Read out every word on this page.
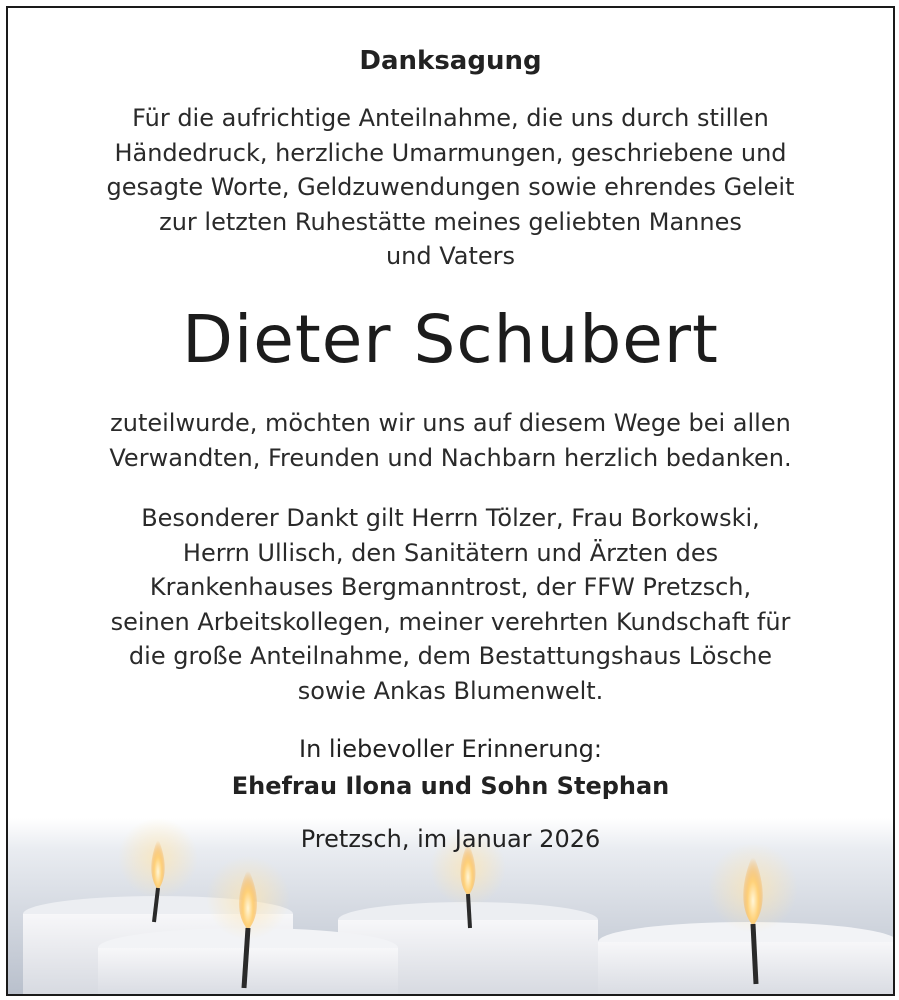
Danksagung
Für die aufrichtige Anteilnahme, die uns durch stillen
Händedruck, herzliche Umarmungen, geschriebene und
gesagte Worte, Geldzuwendungen sowie ehrendes Geleit
zur letzten Ruhestätte meines geliebten Mannes
und Vaters
Dieter Schubert
zuteilwurde, möchten wir uns auf diesem Wege bei allen
Verwandten, Freunden und Nachbarn herzlich bedanken.
Besonderer Dankt gilt Herrn Tölzer, Frau Borkowski,
Herrn Ullisch, den Sanitätern und Ärzten des
Krankenhauses Bergmanntrost, der FFW Pretzsch,
seinen Arbeitskollegen, meiner verehrten Kundschaft für
die große Anteilnahme, dem Bestattungshaus Lösche
sowie Ankas Blumenwelt.
In liebevoller Erinnerung:
Ehefrau Ilona und Sohn Stephan
Pretzsch, im Januar 2026
